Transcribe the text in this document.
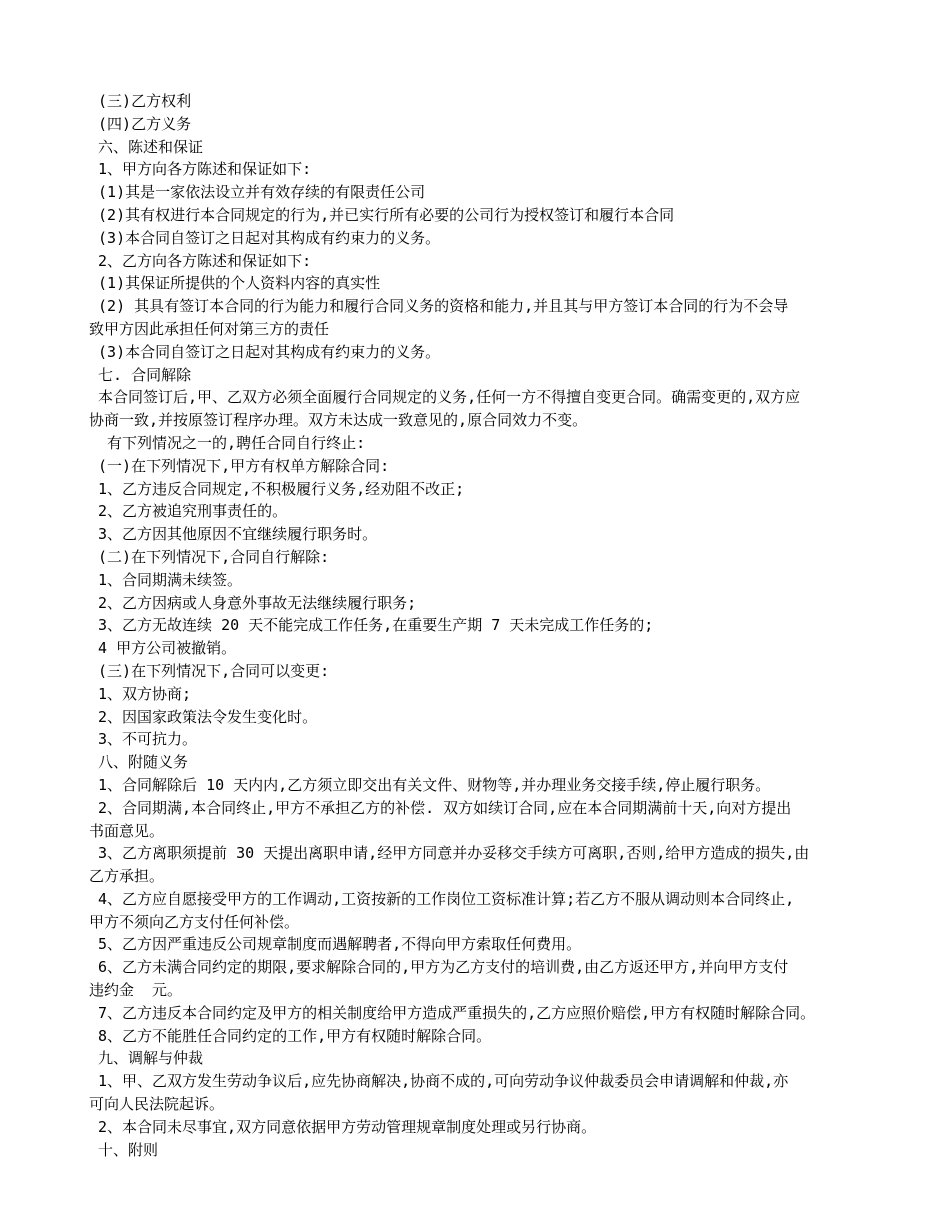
(三)乙方权利
(四)乙方义务
六、陈述和保证
1、甲方向各方陈述和保证如下:
(1)其是一家依法设立并有效存续的有限责任公司
(2)其有权进行本合同规定的行为,并已实行所有必要的公司行为授权签订和履行本合同
(3)本合同自签订之日起对其构成有约束力的义务。
2、乙方向各方陈述和保证如下:
(1)其保证所提供的个人资料内容的真实性
(2) 其具有签订本合同的行为能力和履行合同义务的资格和能力,并且其与甲方签订本合同的行为不会导
致甲方因此承担任何对第三方的责任
(3)本合同自签订之日起对其构成有约束力的义务。
七. 合同解除
本合同签订后,甲、乙双方必须全面履行合同规定的义务,任何一方不得擅自变更合同。确需变更的,双方应
协商一致,并按原签订程序办理。双方未达成一致意见的,原合同效力不变。
有下列情况之一的,聘任合同自行终止:
(一)在下列情况下,甲方有权单方解除合同:
1、乙方违反合同规定,不积极履行义务,经劝阻不改正;
2、乙方被追究刑事责任的。
3、乙方因其他原因不宜继续履行职务时。
(二)在下列情况下,合同自行解除:
1、合同期满未续签。
2、乙方因病或人身意外事故无法继续履行职务;
3、乙方无故连续 20 天不能完成工作任务,在重要生产期 7 天未完成工作任务的;
4 甲方公司被撤销。
(三)在下列情况下,合同可以变更:
1、双方协商;
2、因国家政策法令发生变化时。
3、不可抗力。
八、附随义务
1、合同解除后 10 天内内,乙方须立即交出有关文件、财物等,并办理业务交接手续,停止履行职务。
2、合同期满,本合同终止,甲方不承担乙方的补偿. 双方如续订合同,应在本合同期满前十天,向对方提出
书面意见。
3、乙方离职须提前 30 天提出离职申请,经甲方同意并办妥移交手续方可离职,否则,给甲方造成的损失,由
乙方承担。
4、乙方应自愿接受甲方的工作调动,工资按新的工作岗位工资标准计算;若乙方不服从调动则本合同终止,
甲方不须向乙方支付任何补偿。
5、乙方因严重违反公司规章制度而遇解聘者,不得向甲方索取任何费用。
6、乙方未满合同约定的期限,要求解除合同的,甲方为乙方支付的培训费,由乙方返还甲方,并向甲方支付
违约金  元。
7、乙方违反本合同约定及甲方的相关制度给甲方造成严重损失的,乙方应照价赔偿,甲方有权随时解除合同。
8、乙方不能胜任合同约定的工作,甲方有权随时解除合同。
九、调解与仲裁
1、甲、乙双方发生劳动争议后,应先协商解决,协商不成的,可向劳动争议仲裁委员会申请调解和仲裁,亦
可向人民法院起诉。
2、本合同未尽事宜,双方同意依据甲方劳动管理规章制度处理或另行协商。
十、附则
